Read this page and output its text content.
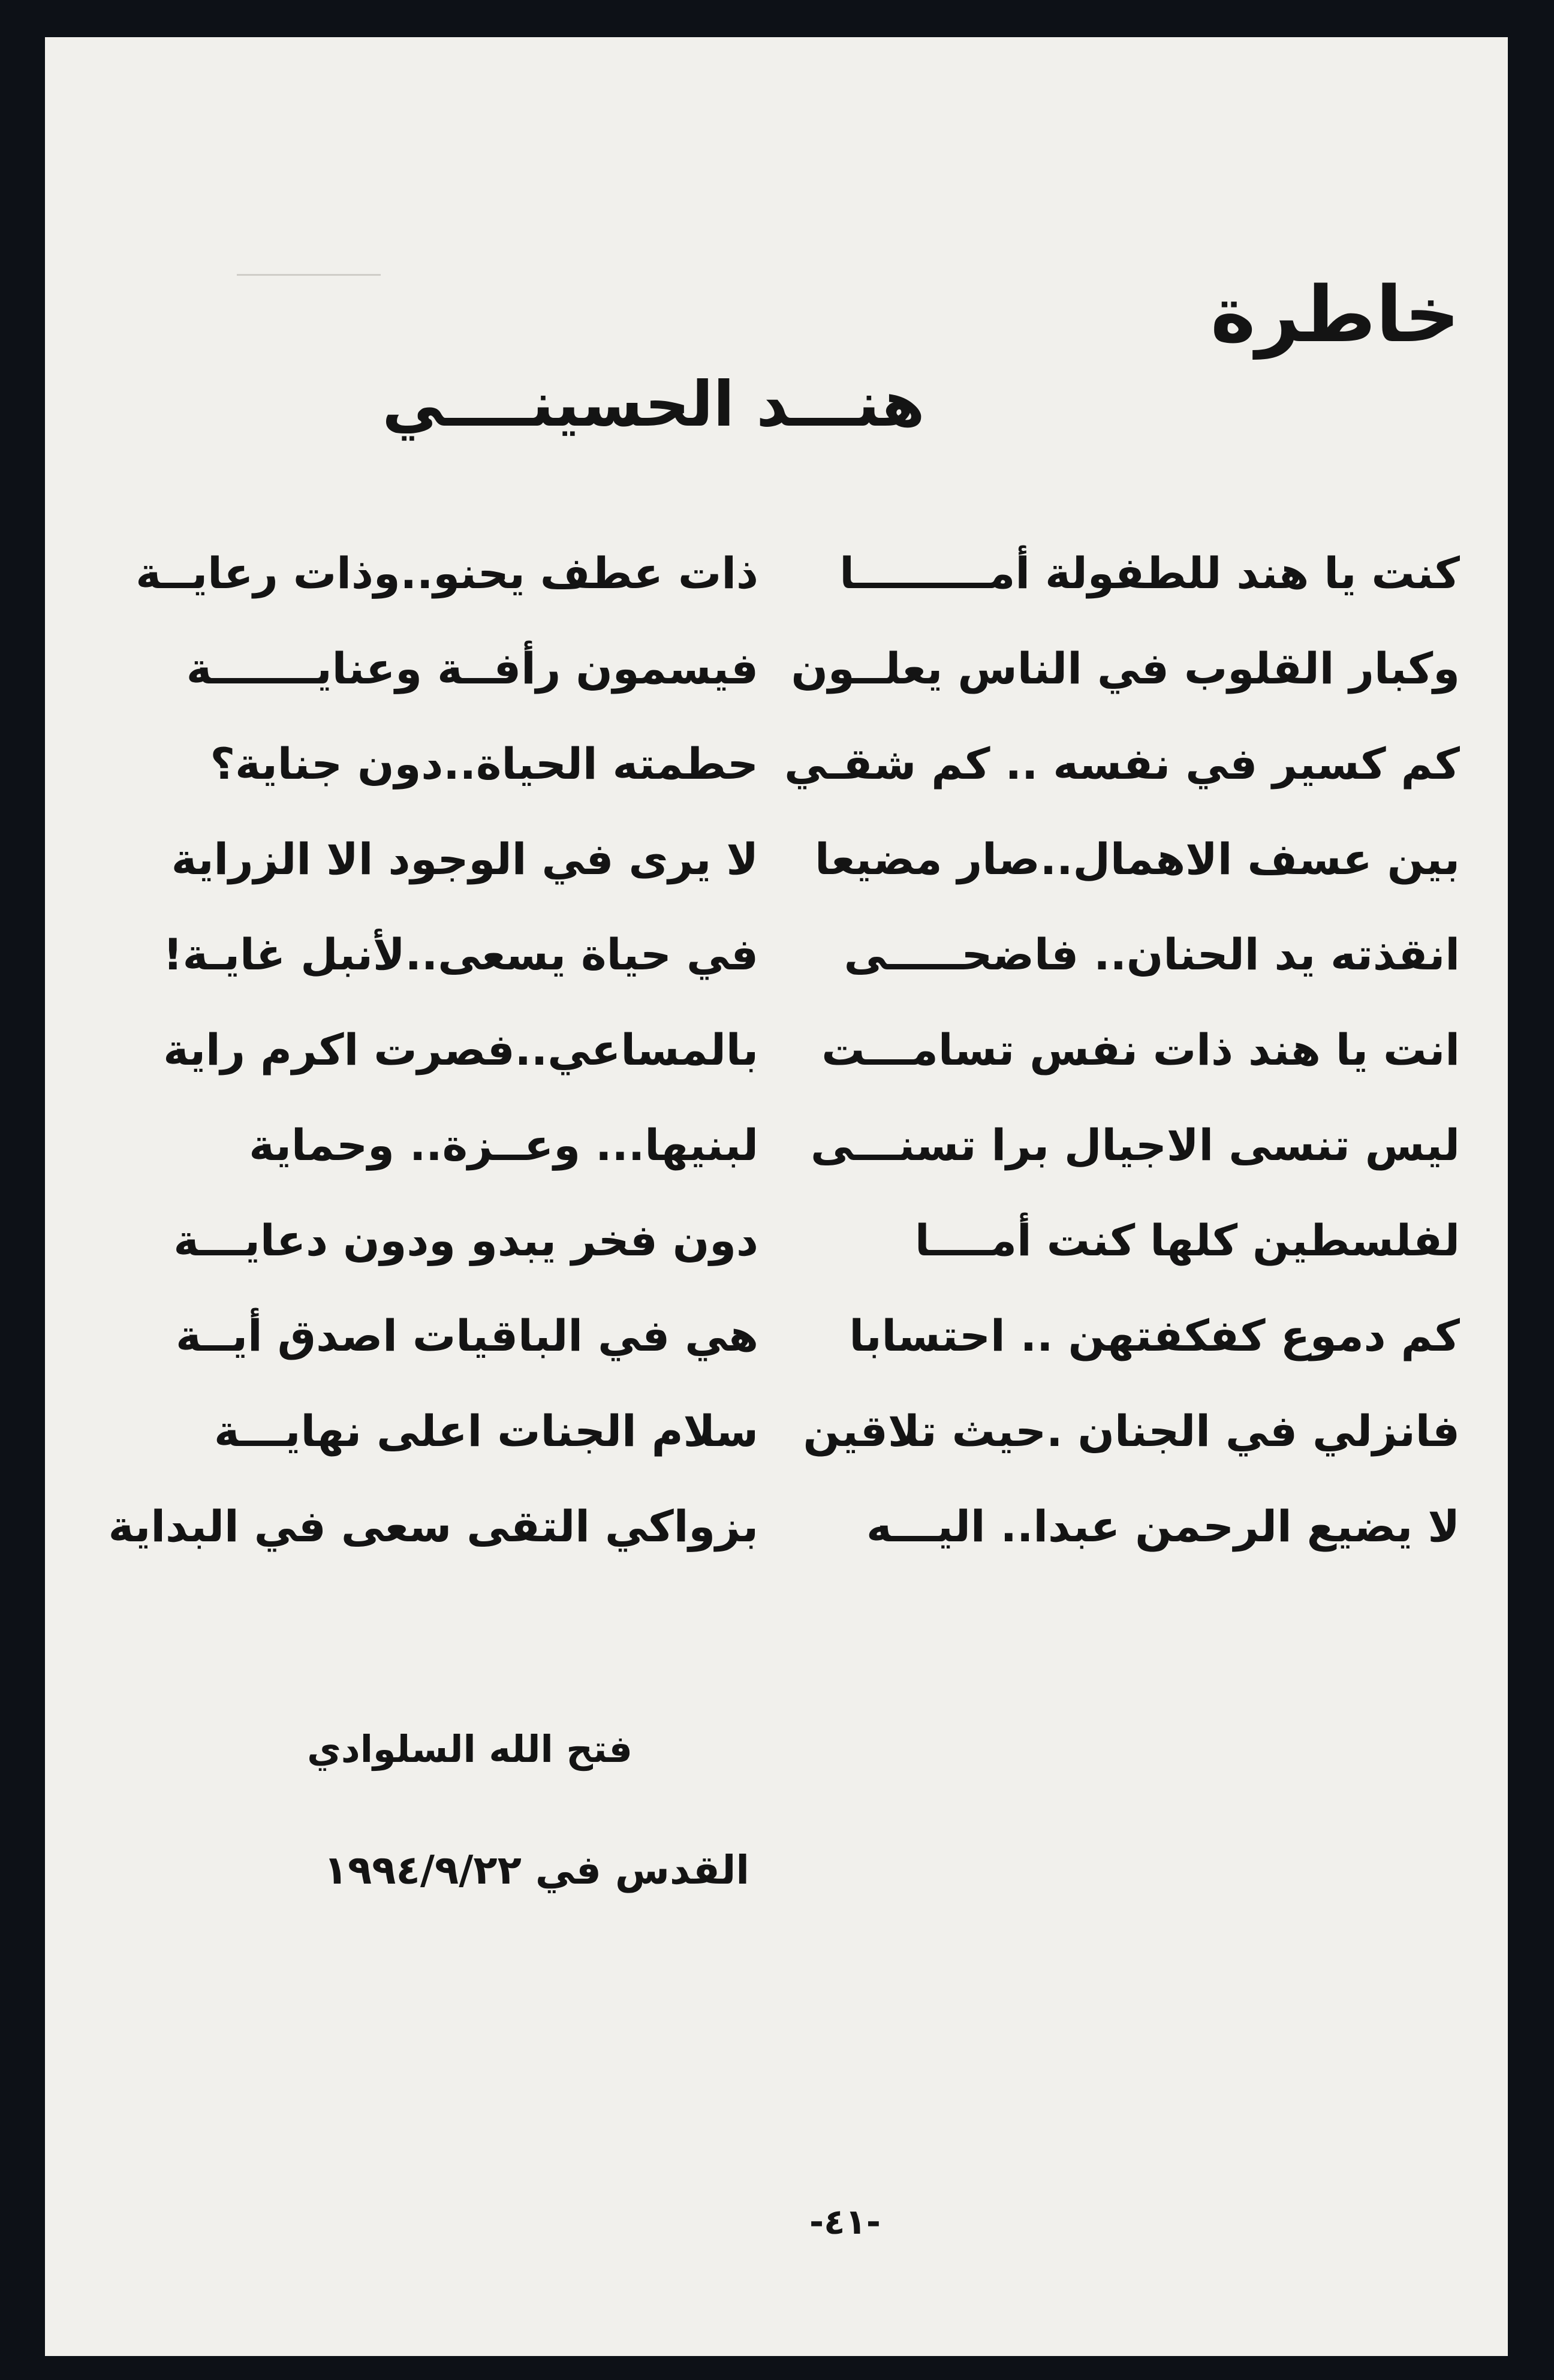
خاطرة
هنـــد الحسينــــي
كنت يا هند للطفولة أمـــــــــا
ذات عطف يحنو..وذات رعايــة
وكبار القلوب في الناس يعلــون
فيسمون رأفــة وعنايـــــــة
كم كسير في نفسه .. كم شقـي
حطمته الحياة..دون جناية؟
بين عسف الاهمال..صار مضيعا
لا يرى في الوجود الا الزراية
انقذته يد الحنان.. فاضحـــــى
في حياة يسعى..لأنبل غايـة!
انت يا هند ذات نفس تسامـــت
بالمساعي..فصرت اكرم راية
ليس تنسى الاجيال برا تسنـــى
لبنيها... وعــزة.. وحماية
لفلسطين كلها كنت أمــــا
دون فخر يبدو ودون دعايـــة
كم دموع كفكفتهن .. احتسابا
هي في الباقيات اصدق أيــة
فانزلي في الجنان .حيث تلاقين
سلام الجنات اعلى نهايـــة
لا يضيع الرحمن عبدا.. اليـــه
بزواكي التقى سعى في البداية

فتح الله السلوادي

القدس في ١٩٩٤/٩/٢٢

-٤١-
